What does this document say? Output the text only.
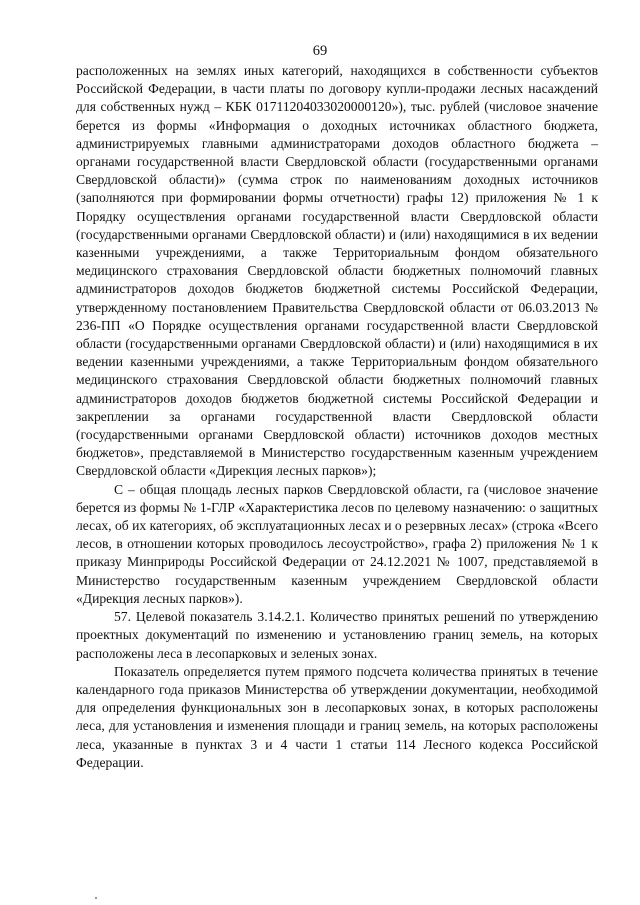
69

расположенных на землях иных категорий, находящихся в собственности субъектов Российской Федерации, в части платы по договору купли-продажи лесных насаждений для собственных нужд – КБК 01711204033020000120»), тыс. рублей (числовое значение берется из формы «Информация о доходных источниках областного бюджета, администрируемых главными администраторами доходов областного бюджета – органами государственной власти Свердловской области (государственными органами Свердловской области)» (сумма строк по наименованиям доходных источников (заполняются при формировании формы отчетности) графы 12) приложения № 1 к Порядку осуществления органами государственной власти Свердловской области (государственными органами Свердловской области) и (или) находящимися в их ведении казенными учреждениями, а также Территориальным фондом обязательного медицинского страхования Свердловской области бюджетных полномочий главных администраторов доходов бюджетов бюджетной системы Российской Федерации, утвержденному постановлением Правительства Свердловской области от 06.03.2013 № 236-ПП «О Порядке осуществления органами государственной власти Свердловской области (государственными органами Свердловской области) и (или) находящимися в их ведении казенными учреждениями, а также Территориальным фондом обязательного медицинского страхования Свердловской области бюджетных полномочий главных администраторов доходов бюджетов бюджетной системы Российской Федерации и закреплении за органами государственной власти Свердловской области (государственными органами Свердловской области) источников доходов местных бюджетов», представляемой в Министерство государственным казенным учреждением Свердловской области «Дирекция лесных парков»);

С – общая площадь лесных парков Свердловской области, га (числовое значение берется из формы № 1-ГЛР «Характеристика лесов по целевому назначению: о защитных лесах, об их категориях, об эксплуатационных лесах и о резервных лесах» (строка «Всего лесов, в отношении которых проводилось лесоустройство», графа 2) приложения № 1 к приказу Минприроды Российской Федерации от 24.12.2021 № 1007, представляемой в Министерство государственным казенным учреждением Свердловской области «Дирекция лесных парков»).

57. Целевой показатель 3.14.2.1. Количество принятых решений по утверждению проектных документаций по изменению и установлению границ земель, на которых расположены леса в лесопарковых и зеленых зонах.

Показатель определяется путем прямого подсчета количества принятых в течение календарного года приказов Министерства об утверждении документации, необходимой для определения функциональных зон в лесопарковых зонах, в которых расположены леса, для установления и изменения площади и границ земель, на которых расположены леса, указанные в пунктах 3 и 4 части 1 статьи 114 Лесного кодекса Российской Федерации.
